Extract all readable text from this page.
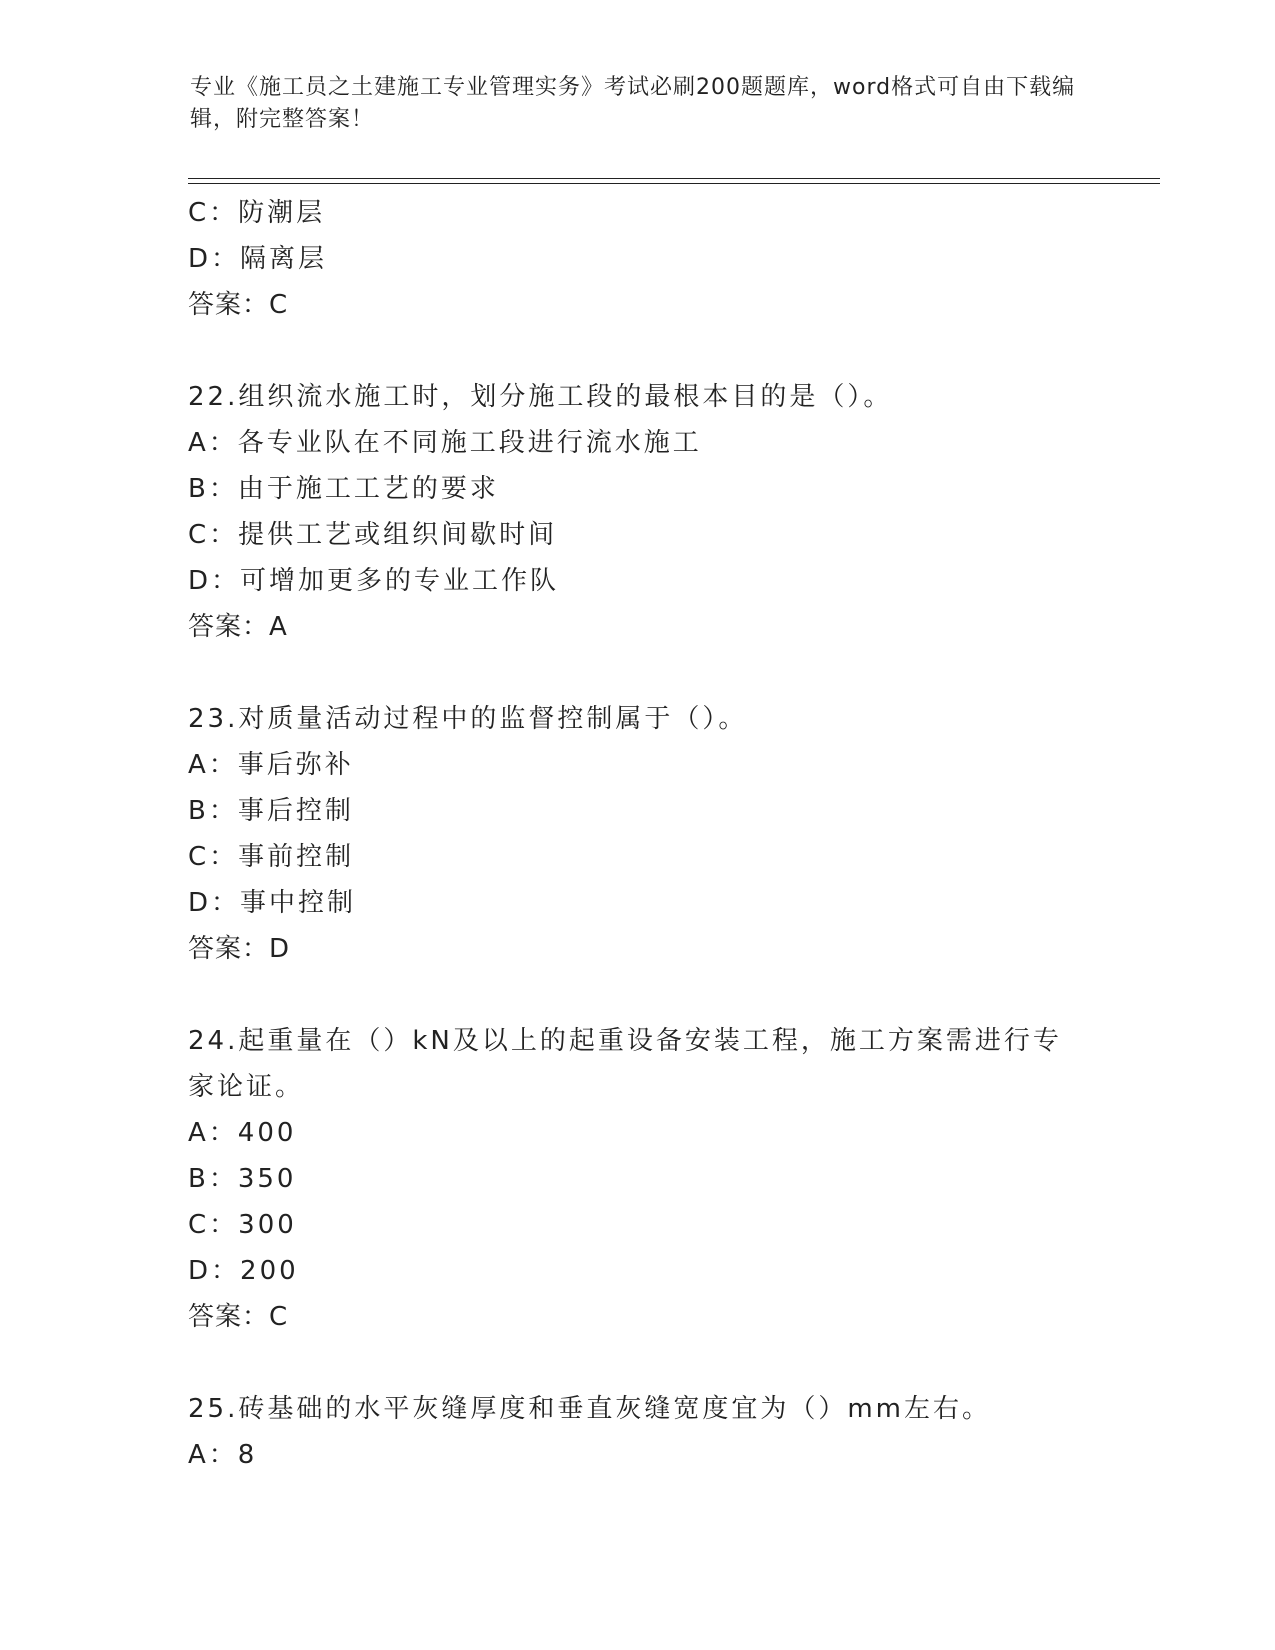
专业《施工员之土建施工专业管理实务》考试必刷200题题库，word格式可自由下载编辑，附完整答案！
C：防潮层
D：隔离层
答案：C
22.组织流水施工时，划分施工段的最根本目的是（）。
A：各专业队在不同施工段进行流水施工
B：由于施工工艺的要求
C：提供工艺或组织间歇时间
D：可增加更多的专业工作队
答案：A
23.对质量活动过程中的监督控制属于（）。
A：事后弥补
B：事后控制
C：事前控制
D：事中控制
答案：D
24.起重量在（）kN及以上的起重设备安装工程，施工方案需进行专家论证。
A：400
B：350
C：300
D：200
答案：C
25.砖基础的水平灰缝厚度和垂直灰缝宽度宜为（）mm左右。
A：8
